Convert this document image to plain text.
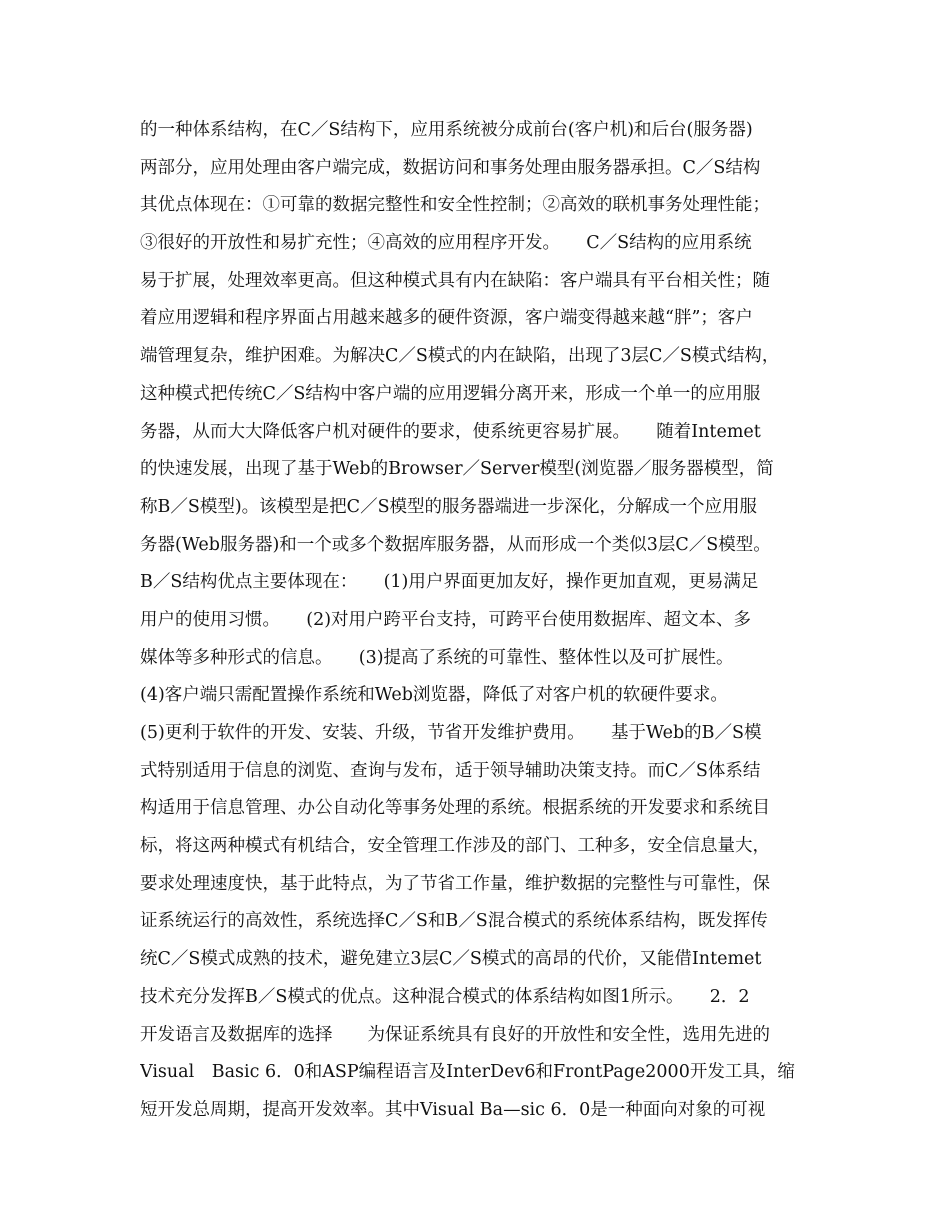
的一种体系结构，在C／S结构下，应用系统被分成前台(客户机)和后台(服务器)
两部分，应用处理由客户端完成，数据访问和事务处理由服务器承担。C／S结构
其优点体现在：①可靠的数据完整性和安全性控制；②高效的联机事务处理性能；
③很好的开放性和易扩充性；④高效的应用程序开发。　　C／S结构的应用系统
易于扩展，处理效率更高。但这种模式具有内在缺陷：客户端具有平台相关性；随
着应用逻辑和程序界面占用越来越多的硬件资源，客户端变得越来越“胖”；客户
端管理复杂，维护困难。为解决C／S模式的内在缺陷，出现了3层C／S模式结构，
这种模式把传统C／S结构中客户端的应用逻辑分离开来，形成一个单一的应用服
务器，从而大大降低客户机对硬件的要求，使系统更容易扩展。　　随着Intemet
的快速发展，出现了基于Web的Browser／Server模型(浏览器／服务器模型，简
称B／S模型)。该模型是把C／S模型的服务器端进一步深化，分解成一个应用服
务器(Web服务器)和一个或多个数据库服务器，从而形成一个类似3层C／S模型。
B／S结构优点主要体现在：　　(1)用户界面更加友好，操作更加直观，更易满足
用户的使用习惯。　　(2)对用户跨平台支持，可跨平台使用数据库、超文本、多
媒体等多种形式的信息。　　(3)提高了系统的可靠性、整体性以及可扩展性。
(4)客户端只需配置操作系统和Web浏览器，降低了对客户机的软硬件要求。
(5)更利于软件的开发、安装、升级，节省开发维护费用。　　基于Web的B／S模
式特别适用于信息的浏览、查询与发布，适于领导辅助决策支持。而C／S体系结
构适用于信息管理、办公自动化等事务处理的系统。根据系统的开发要求和系统目
标，将这两种模式有机结合，安全管理工作涉及的部门、工种多，安全信息量大，
要求处理速度快，基于此特点，为了节省工作量，维护数据的完整性与可靠性，保
证系统运行的高效性，系统选择C／S和B／S混合模式的系统体系结构，既发挥传
统C／S模式成熟的技术，避免建立3层C／S模式的高昂的代价，又能借Intemet
技术充分发挥B／S模式的优点。这种混合模式的体系结构如图1所示。　　2．2
开发语言及数据库的选择　　为保证系统具有良好的开放性和安全性，选用先进的
Visual　Basic 6．0和ASP编程语言及InterDev6和FrontPage2000开发工具，缩
短开发总周期，提高开发效率。其中Visual Ba—sic 6．0是一种面向对象的可视
